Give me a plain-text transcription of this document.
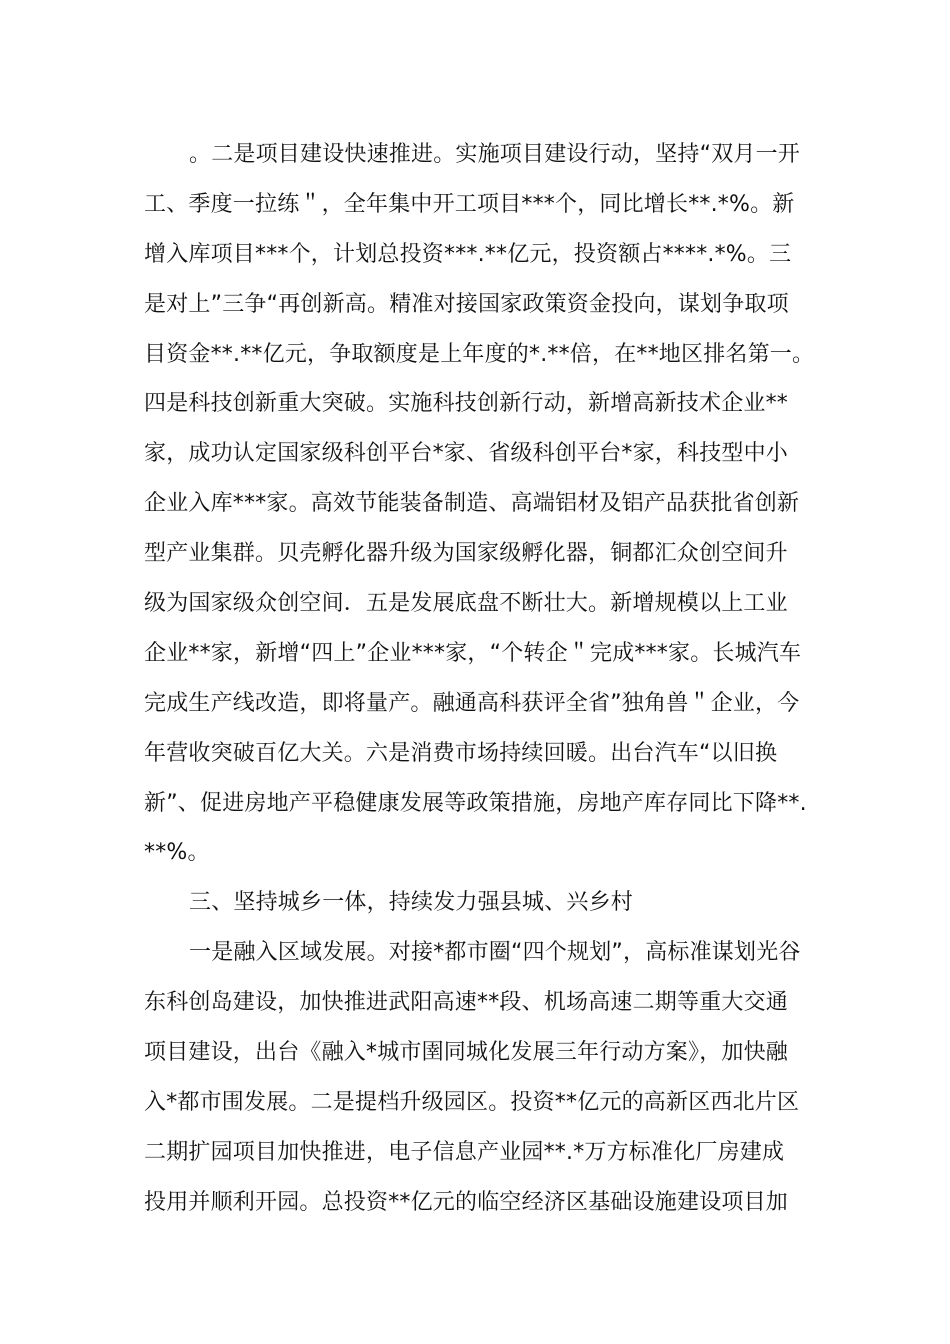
。二是项目建设快速推进。实施项目建设行动，坚持“双月一开
工、季度一拉练＂，全年集中开工项目***个，同比增长**.*%。新
增入库项目***个，计划总投资***.**亿元，投资额占****.*%。三
是对上”三争“再创新高。精准对接国家政策资金投向，谋划争取项
目资金**.**亿元，争取额度是上年度的*.**倍，在**地区排名第一。
四是科技创新重大突破。实施科技创新行动，新增高新技术企业**
家，成功认定国家级科创平台*家、省级科创平台*家，科技型中小
企业入库***家。高效节能装备制造、高端铝材及铝产品获批省创新
型产业集群。贝壳孵化器升级为国家级孵化器，铜都汇众创空间升
级为国家级众创空间．五是发展底盘不断壮大。新增规模以上工业
企业**家，新增“四上”企业***家，“个转企＂完成***家。长城汽车
完成生产线改造，即将量产。融通高科获评全省”独角兽＂企业，今
年营收突破百亿大关。六是消费市场持续回暖。出台汽车“以旧换
新”、促进房地产平稳健康发展等政策措施，房地产库存同比下降**.
**%。
三、坚持城乡一体，持续发力强县城、兴乡村
一是融入区域发展。对接*都市圈“四个规划”，高标准谋划光谷
东科创岛建设，加快推进武阳高速**段、机场高速二期等重大交通
项目建设，出台《融入*城市圉同城化发展三年行动方案》，加快融
入*都市围发展。二是提档升级园区。投资**亿元的高新区西北片区
二期扩园项目加快推进，电子信息产业园**.*万方标准化厂房建成
投用并顺利开园。总投资**亿元的临空经济区基础设施建设项目加
